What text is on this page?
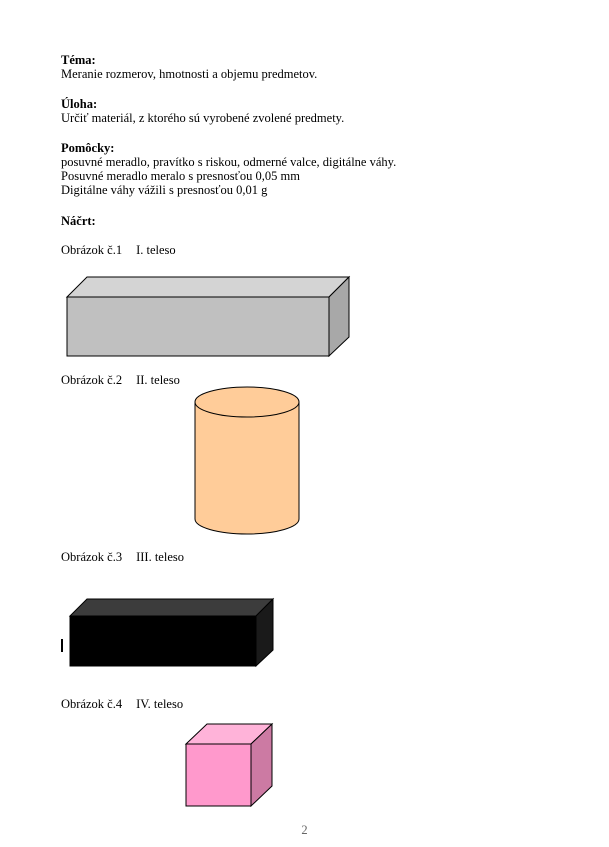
Téma:
Meranie rozmerov, hmotnosti a objemu predmetov.
Úloha:
Určiť materiál, z ktorého sú vyrobené zvolené predmety.
Pomôcky:
posuvné meradlo, pravítko s riskou, odmerné valce, digitálne váhy.
Posuvné meradlo meralo s presnosťou 0,05 mm
Digitálne váhy vážili s presnosťou 0,01 g
Náčrt:
Obrázok č.1 I. teleso
Obrázok č.2 II. teleso
Obrázok č.3 III. teleso
Obrázok č.4 IV. teleso
2
